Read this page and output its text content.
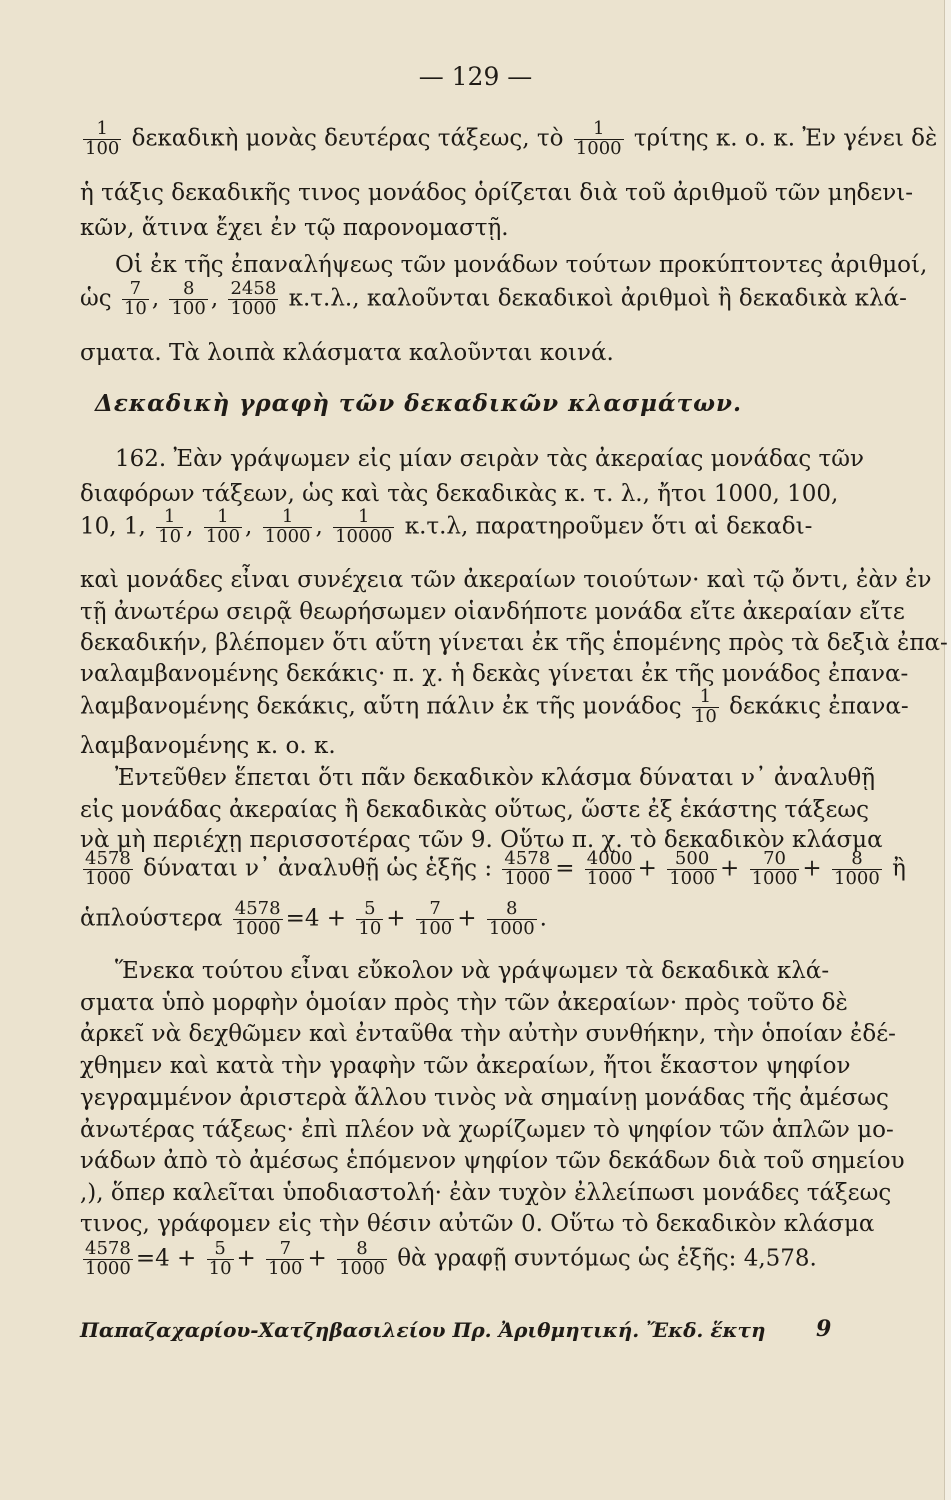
— 129 —
$\frac{1}{100}$ δεκαδικὴ μονὰς δευτέρας τάξεως, τὸ $\frac{1}{1000}$ τρίτης κ. ο. κ. Ἐν γένει δὲ
ἡ τάξις δεκαδικῆς τινος μονάδος ὁρίζεται διὰ τοῦ ἀριθμοῦ τῶν μηδενι-
κῶν, ἅτινα ἔχει ἐν τῷ παρονομαστῇ.
Οἱ ἐκ τῆς ἐπαναλήψεως τῶν μονάδων τούτων προκύπτοντες ἀριθμοί,
ὡς $\frac{7}{10}$ , $\frac{8}{100}$ , $\frac{2458}{1000} \kappa.\tau.\lambda$., καλοῦνται δεκαδικοὶ ἀριθμοὶ ἢ δεκαδικὰ κλά-
σματα. Τὰ λοιπὰ κλάσματα καλοῦνται κοινά.
Δεκαδικὴ γραφὴ τῶν δεκαδικῶν κλασμάτων.
162. Ἐὰν γράψωμεν εἰς μίαν σειρὰν τὰς ἀκεραίας μονάδας τῶν
διαφόρων τάξεων, ὡς καὶ τὰς δεκαδικὰς κ. τ. λ., ἤτοι 1000, 100,
10, 1, $\frac{1}{10}$ , $\frac{1}{100}$ , $\frac{1}{1000}$ , $\frac{1}{10000} \kappa.\tau.\lambda$, παρατηροῦμεν ὅτι αἱ δεκαδι-
καὶ μονάδες εἶναι συνέχεια τῶν ἀκεραίων τοιούτων· καὶ τῷ ὄντι, ἐὰν ἐν
τῇ ἀνωτέρω σειρᾷ θεωρήσωμεν οἱανδήποτε μονάδα εἴτε ἀκεραίαν εἴτε
δεκαδικήν, βλέπομεν ὅτι αὕτη γίνεται ἐκ τῆς ἑπομένης πρὸς τὰ δεξιὰ ἐπα-
ναλαμβανομένης δεκάκις· π. χ. ἡ δεκὰς γίνεται ἐκ τῆς μονάδος ἐπανα-
λαμβανομένης δεκάκις, αὕτη πάλιν ἐκ τῆς μονάδος $\frac{1}{10}$ δεκάκις ἐπανα-
λαμβανομένης κ. ο. κ.
Ἐντεῦθεν ἕπεται ὅτι πᾶν δεκαδικὸν κλάσμα δύναται ν᾽ ἀναλυθῇ
εἰς μονάδας ἀκεραίας ἢ δεκαδικὰς οὕτως, ὥστε ἐξ ἑκάστης τάξεως
νὰ μὴ περιέχῃ περισσοτέρας τῶν 9. Οὕτω π. χ. τὸ δεκαδικὸν κλάσμα
$\frac{4578}{1000}$ δύναται ν᾽ ἀναλυθῇ ὡς ἑξῆς : $\frac{4578}{1000} = \frac{4000}{1000} + \frac{500}{1000} + \frac{70}{1000} + \frac{8}{1000}$ ἢ
ἁπλούστερα $\frac{4578}{1000} =4 + \frac{5}{10} + \frac{7}{100} + \frac{8}{1000}$ .
Ἕνεκα τούτου εἶναι εὔκολον νὰ γράψωμεν τὰ δεκαδικὰ κλά-
σματα ὑπὸ μορφὴν ὁμοίαν πρὸς τὴν τῶν ἀκεραίων· πρὸς τοῦτο δὲ
ἀρκεῖ νὰ δεχθῶμεν καὶ ἐνταῦθα τὴν αὐτὴν συνθήκην, τὴν ὁποίαν ἐδέ-
χθημεν καὶ κατὰ τὴν γραφὴν τῶν ἀκεραίων, ἤτοι ἕκαστον ψηφίον
γεγραμμένον ἀριστερὰ ἄλλου τινὸς νὰ σημαίνῃ μονάδας τῆς ἀμέσως
ἀνωτέρας τάξεως· ἐπὶ πλέον νὰ χωρίζωμεν τὸ ψηφίον τῶν ἁπλῶν μο-
νάδων ἀπὸ τὸ ἀμέσως ἑπόμενον ψηφίον τῶν δεκάδων διὰ τοῦ σημείου
,), ὅπερ καλεῖται ὑποδιαστολή· ἐὰν τυχὸν ἐλλείπωσι μονάδες τάξεως
τινος, γράφομεν εἰς τὴν θέσιν αὐτῶν 0. Οὕτω τὸ δεκαδικὸν κλάσμα
$\frac{4578}{1000} =4 + \frac{5}{10} + \frac{7}{100} + \frac{8}{1000}$ θὰ γραφῇ συντόμως ὡς ἑξῆς: 4,578.
Παπαζαχαρίου-Χατζηβασιλείου Πρ. Ἀριθμητική. Ἔκδ. ἕκτη 9
